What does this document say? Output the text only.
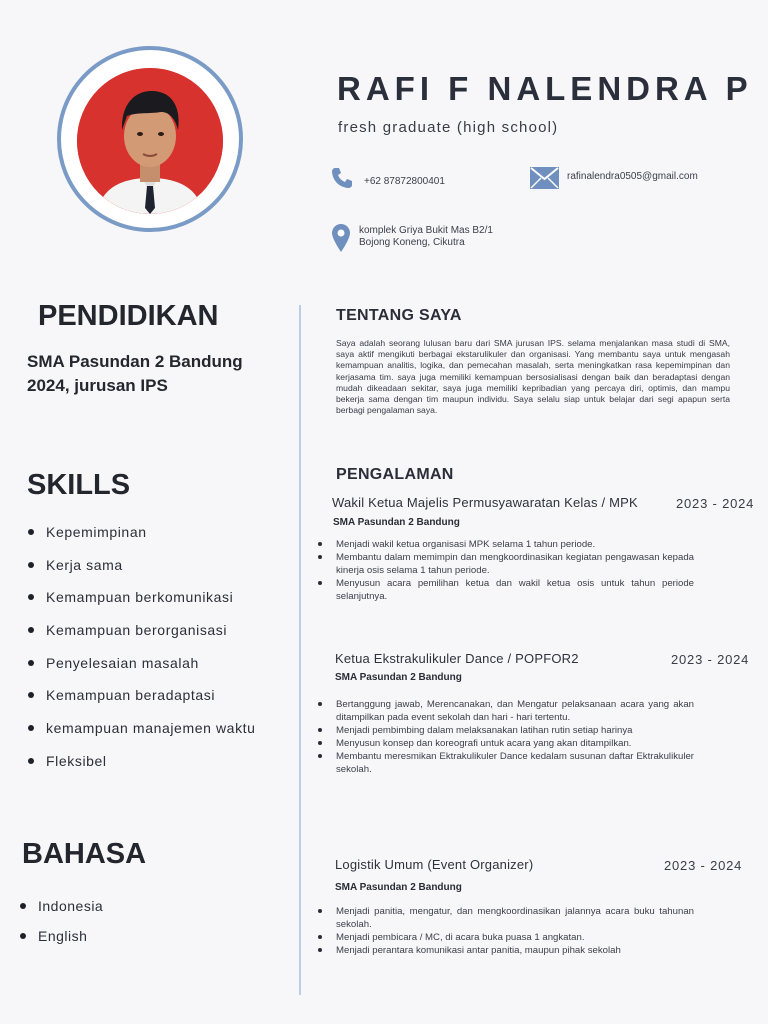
RAFI F NALENDRA P
fresh graduate (high school)
+62 87872800401	rafinalendra0505@gmail.com
komplek Griya Bukit Mas B2/1
Bojong Koneng, Cikutra
PENDIDIKAN
SMA Pasundan 2 Bandung
2024, jurusan IPS
SKILLS
Kepemimpinan
Kerja sama
Kemampuan berkomunikasi
Kemampuan berorganisasi
Penyelesaian masalah
Kemampuan beradaptasi
kemampuan manajemen waktu
Fleksibel
BAHASA
Indonesia
English
TENTANG SAYA
Saya adalah seorang lulusan baru dari SMA jurusan IPS. selama menjalankan masa studi di SMA, saya aktif mengikuti berbagai ekstarulikuler dan organisasi. Yang membantu saya untuk mengasah kemampuan analitis, logika, dan pemecahan masalah, serta meningkatkan rasa kepemimpinan dan kerjasama tim. saya juga memiliki kemampuan bersosialisasi dengan baik dan beradaptasi dengan mudah dikeadaan sekitar, saya juga memiliki kepribadian yang percaya diri, optimis, dan mampu bekerja sama dengan tim maupun individu. Saya selalu siap untuk belajar dari segi apapun serta berbagi pengalaman saya.
PENGALAMAN
Wakil Ketua Majelis Permusyawaratan Kelas / MPK	2023 - 2024
SMA Pasundan 2 Bandung
Menjadi wakil ketua organisasi MPK selama 1 tahun periode.
Membantu dalam memimpin dan mengkoordinasikan kegiatan pengawasan kepada kinerja osis selama 1 tahun periode.
Menyusun acara pemilihan ketua dan wakil ketua osis untuk tahun periode selanjutnya.
Ketua Ekstrakulikuler Dance / POPFOR2	2023 - 2024
SMA Pasundan 2 Bandung
Bertanggung jawab, Merencanakan, dan Mengatur pelaksanaan acara yang akan ditampilkan pada event sekolah dan hari - hari tertentu.
Menjadi pembimbing dalam melaksanakan latihan rutin setiap harinya
Menyusun konsep dan koreografi untuk acara yang akan ditampilkan.
Membantu meresmikan Ektrakulikuler Dance kedalam susunan daftar Ektrakulikuler sekolah.
Logistik Umum (Event Organizer)	2023 - 2024
SMA Pasundan 2 Bandung
Menjadi panitia, mengatur, dan mengkoordinasikan jalannya acara buku tahunan sekolah.
Menjadi pembicara / MC, di acara buka puasa 1 angkatan.
Menjadi perantara komunikasi antar panitia, maupun pihak sekolah
